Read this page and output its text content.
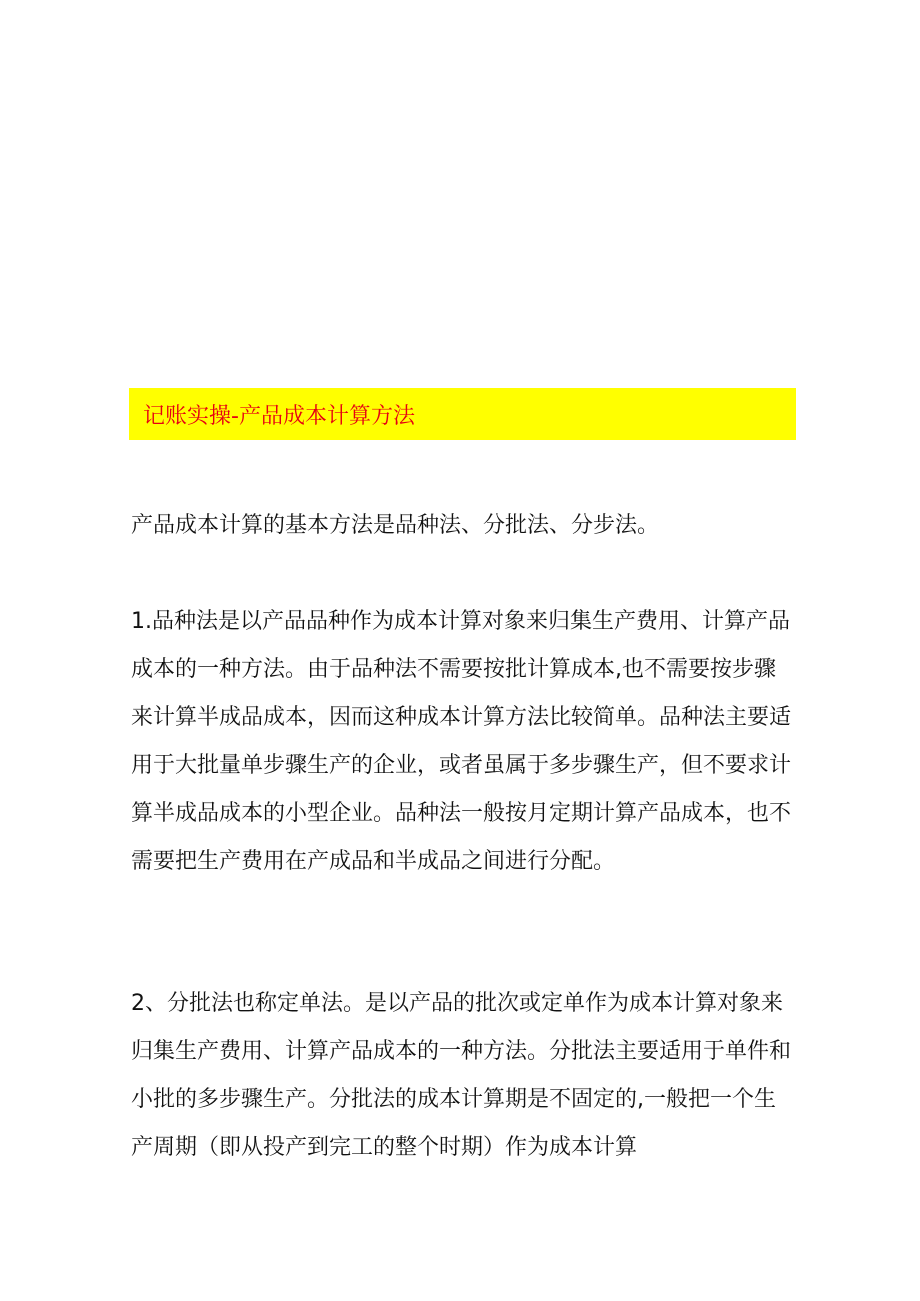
记账实操-产品成本计算方法

产品成本计算的基本方法是品种法、分批法、分步法。

1.品种法是以产品品种作为成本计算对象来归集生产费用、计算产品成本的一种方法。由于品种法不需要按批计算成本,也不需要按步骤来计算半成品成本，因而这种成本计算方法比较简单。品种法主要适用于大批量单步骤生产的企业，或者虽属于多步骤生产，但不要求计算半成品成本的小型企业。品种法一般按月定期计算产品成本，也不需要把生产费用在产成品和半成品之间进行分配。

2、分批法也称定单法。是以产品的批次或定单作为成本计算对象来归集生产费用、计算产品成本的一种方法。分批法主要适用于单件和小批的多步骤生产。分批法的成本计算期是不固定的,一般把一个生产周期（即从投产到完工的整个时期）作为成本计算
